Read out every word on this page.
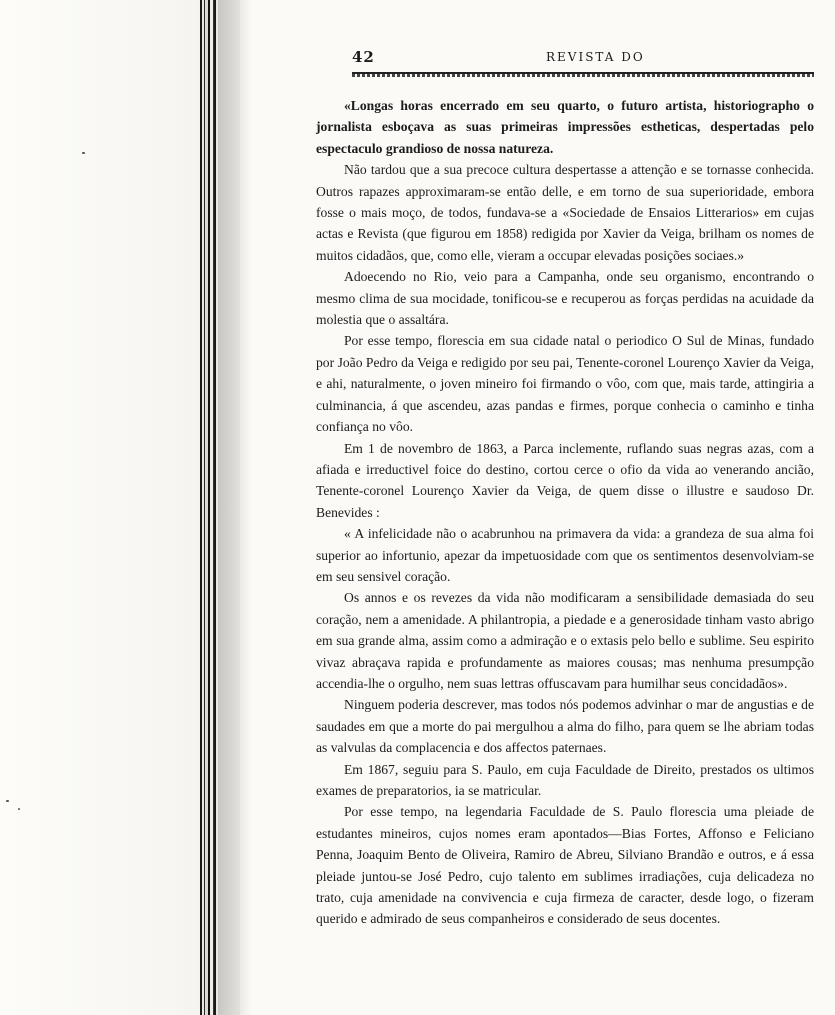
42	REVISTA DO

«Longas horas encerrado em seu quarto, o futuro artista, historiographo o jornalista esboçava as suas primeiras impressões estheticas, despertadas pelo espectaculo grandioso de nossa natureza.

Não tardou que a sua precoce cultura despertasse a attenção e se tornasse conhecida. Outros rapazes approximaram-se então delle, e em torno de sua superioridade, embora fosse o mais moço, de todos, fundava-se a «Sociedade de Ensaios Litterarios» em cujas actas e Revista (que figurou em 1858) redigida por Xavier da Veiga, brilham os nomes de muitos cidadãos, que, como elle, vieram a occupar elevadas posições sociaes.»

Adoecendo no Rio, veio para a Campanha, onde seu organismo, encontrando o mesmo clima de sua mocidade, tonificou-se e recuperou as forças perdidas na acuidade da molestia que o assaltára.

Por esse tempo, florescia em sua cidade natal o periodico O Sul de Minas, fundado por João Pedro da Veiga e redigido por seu pai, Tenente-coronel Lourenço Xavier da Veiga, e ahi, naturalmente, o joven mineiro foi firmando o vôo, com que, mais tarde, attingiria a culminancia, á que ascendeu, azas pandas e firmes, porque conhecia o caminho e tinha confiança no vôo.

Em 1 de novembro de 1863, a Parca inclemente, ruflando suas negras azas, com a afiada e irreductivel foice do destino, cortou cerce o ofio da vida ao venerando ancião, Tenente-coronel Lourenço Xavier da Veiga, de quem disse o illustre e saudoso Dr. Benevides :

« A infelicidade não o acabrunhou na primavera da vida: a grandeza de sua alma foi superior ao infortunio, apezar da impetuosidade com que os sentimentos desenvolviam-se em seu sensivel coração.

Os annos e os revezes da vida não modificaram a sensibilidade demasiada do seu coração, nem a amenidade. A philantropia, a piedade e a generosidade tinham vasto abrigo em sua grande alma, assim como a admiração e o extasis pelo bello e sublime. Seu espirito vivaz abraçava rapida e profundamente as maiores cousas; mas nenhuma presumpção accendia-lhe o orgulho, nem suas lettras offuscavam para humilhar seus concidadãos».

Ninguem poderia descrever, mas todos nós podemos advinhar o mar de angustias e de saudades em que a morte do pai mergulhou a alma do filho, para quem se lhe abriam todas as valvulas da complacencia e dos affectos paternaes.

Em 1867, seguiu para S. Paulo, em cuja Faculdade de Direito, prestados os ultimos exames de preparatorios, ia se matricular.

Por esse tempo, na legendaria Faculdade de S. Paulo florescia uma pleiade de estudantes mineiros, cujos nomes eram apontados—Bias Fortes, Affonso e Feliciano Penna, Joaquim Bento de Oliveira, Ramiro de Abreu, Silviano Brandão e outros, e á essa pleiade juntou-se José Pedro, cujo talento em sublimes irradiações, cuja delicadeza no trato, cuja amenidade na convivencia e cuja firmeza de caracter, desde logo, o fizeram querido e admirado de seus companheiros e considerado de seus docentes.
